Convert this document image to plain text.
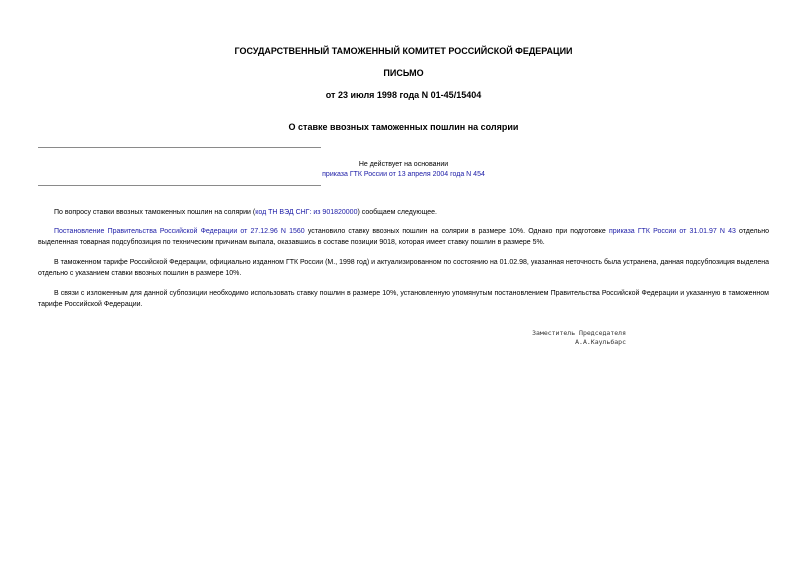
ГОСУДАРСТВЕННЫЙ ТАМОЖЕННЫЙ КОМИТЕТ РОССИЙСКОЙ ФЕДЕРАЦИИ
ПИСЬМО
от 23 июля 1998 года N 01-45/15404
О ставке ввозных таможенных пошлин на солярии
Не действует на основании
приказа ГТК России от 13 апреля 2004 года N 454

По вопросу ставки ввозных таможенных пошлин на солярии (код ТН ВЭД СНГ: из 901820000) сообщаем следующее.

Постановление Правительства Российской Федерации от 27.12.96 N 1560 установило ставку ввозных пошлин на солярии в размере 10%. Однако при подготовке приказа ГТК России от 31.01.97 N 43 отдельно выделенная товарная подсубпозиция по техническим причинам выпала, оказавшись в составе позиции 9018, которая имеет ставку пошлин в размере 5%.

В таможенном тарифе Российской Федерации, официально изданном ГТК России (М., 1998 год) и актуализированном по состоянию на 01.02.98, указанная неточность была устранена, данная подсубпозиция выделена отдельно с указанием ставки ввозных пошлин в размере 10%.

В связи с изложенным для данной субпозиции необходимо использовать ставку пошлин в размере 10%, установленную упомянутым постановлением Правительства Российской Федерации и указанную в таможенном тарифе Российской Федерации.

Заместитель Председателя
А.А.Каульбарс
